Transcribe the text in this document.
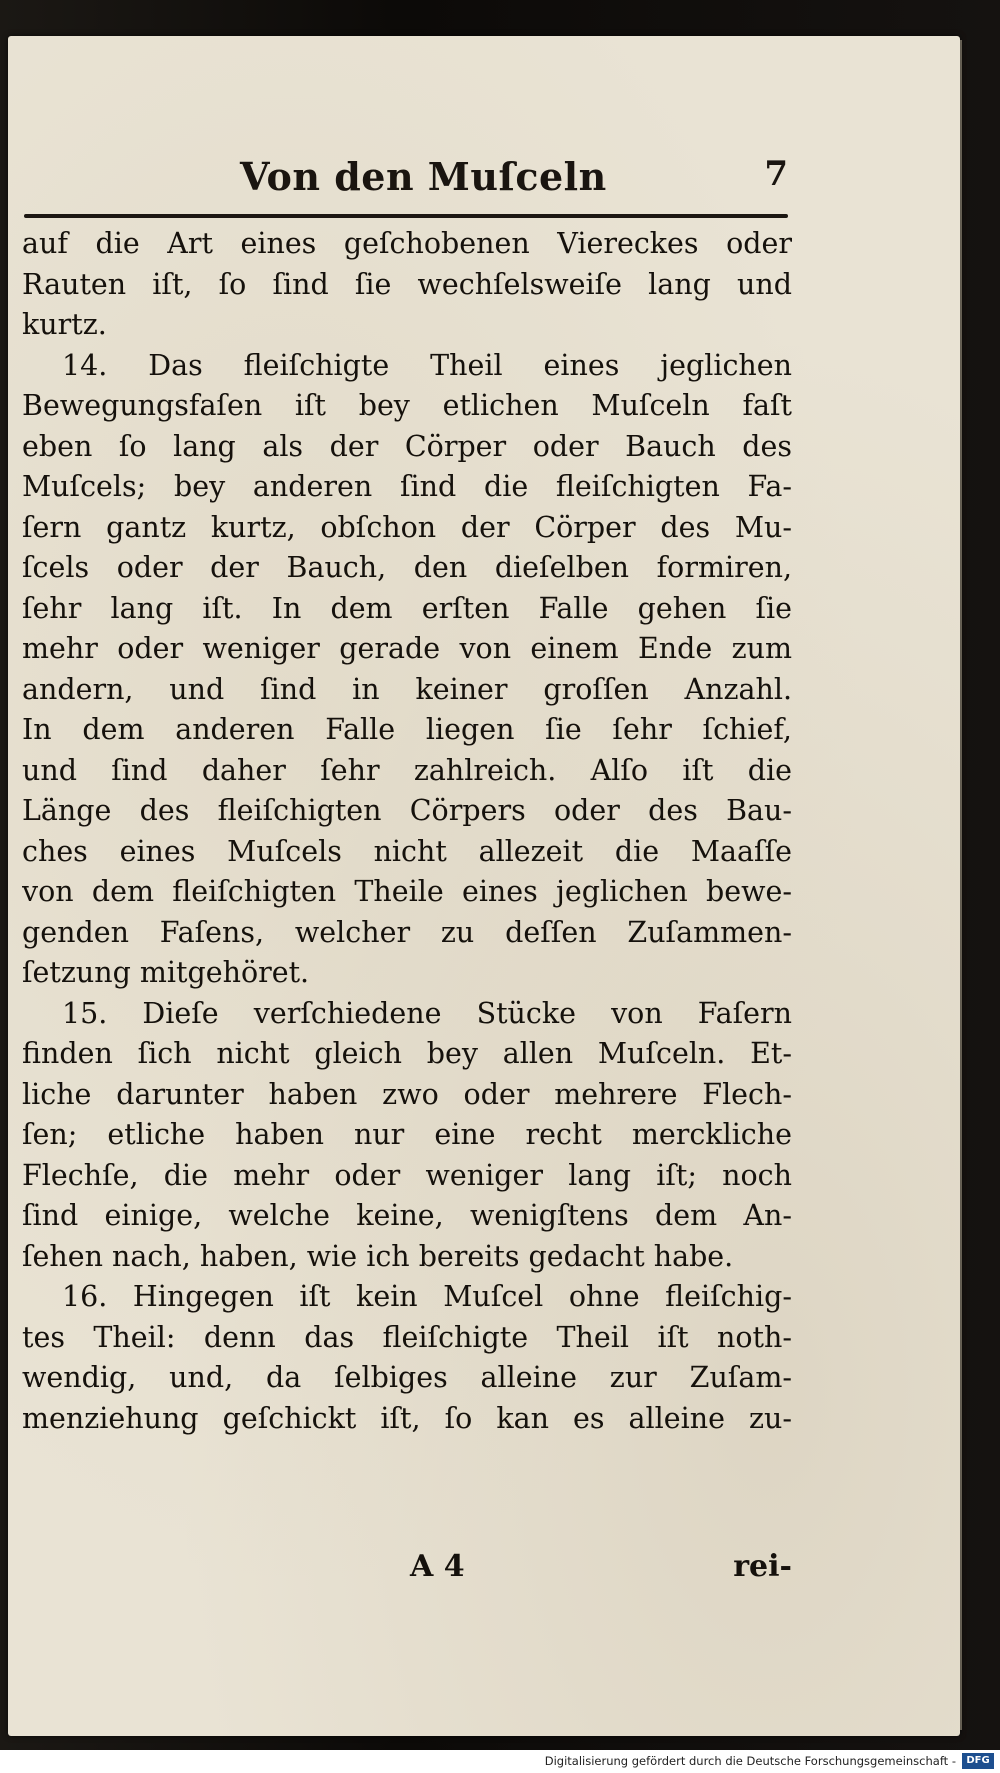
Von den Muſceln	7
auf die Art eines geſchobenen Viereckes oder
Rauten iſt, ſo ſind ſie wechſelsweiſe lang und
kurtz.
14. Das fleiſchigte Theil eines jeglichen
Bewegungsfaſen iſt bey etlichen Muſceln faſt
eben ſo lang als der Cörper oder Bauch des
Muſcels; bey anderen ſind die fleiſchigten Fa-
ſern gantz kurtz, obſchon der Cörper des Mu-
ſcels oder der Bauch, den dieſelben formiren,
ſehr lang iſt. In dem erſten Falle gehen ſie
mehr oder weniger gerade von einem Ende zum
andern, und ſind in keiner groſſen Anzahl.
In dem anderen Falle liegen ſie ſehr ſchief,
und ſind daher ſehr zahlreich. Alſo iſt die
Länge des fleiſchigten Cörpers oder des Bau-
ches eines Muſcels nicht allezeit die Maaſſe
von dem fleiſchigten Theile eines jeglichen bewe-
genden Faſens, welcher zu deſſen Zuſammen-
ſetzung mitgehöret.
15. Dieſe verſchiedene Stücke von Faſern
finden ſich nicht gleich bey allen Muſceln. Et-
liche darunter haben zwo oder mehrere Flech-
ſen; etliche haben nur eine recht merckliche
Flechſe, die mehr oder weniger lang iſt; noch
ſind einige, welche keine, wenigſtens dem An-
ſehen nach, haben, wie ich bereits gedacht habe.
16. Hingegen iſt kein Muſcel ohne fleiſchig-
tes Theil: denn das fleiſchigte Theil iſt noth-
wendig, und, da ſelbiges alleine zur Zuſam-
menziehung geſchickt iſt, ſo kan es alleine zu-
A 4	rei-
Digitalisierung gefördert durch die Deutsche Forschungsgemeinschaft -	DFG
